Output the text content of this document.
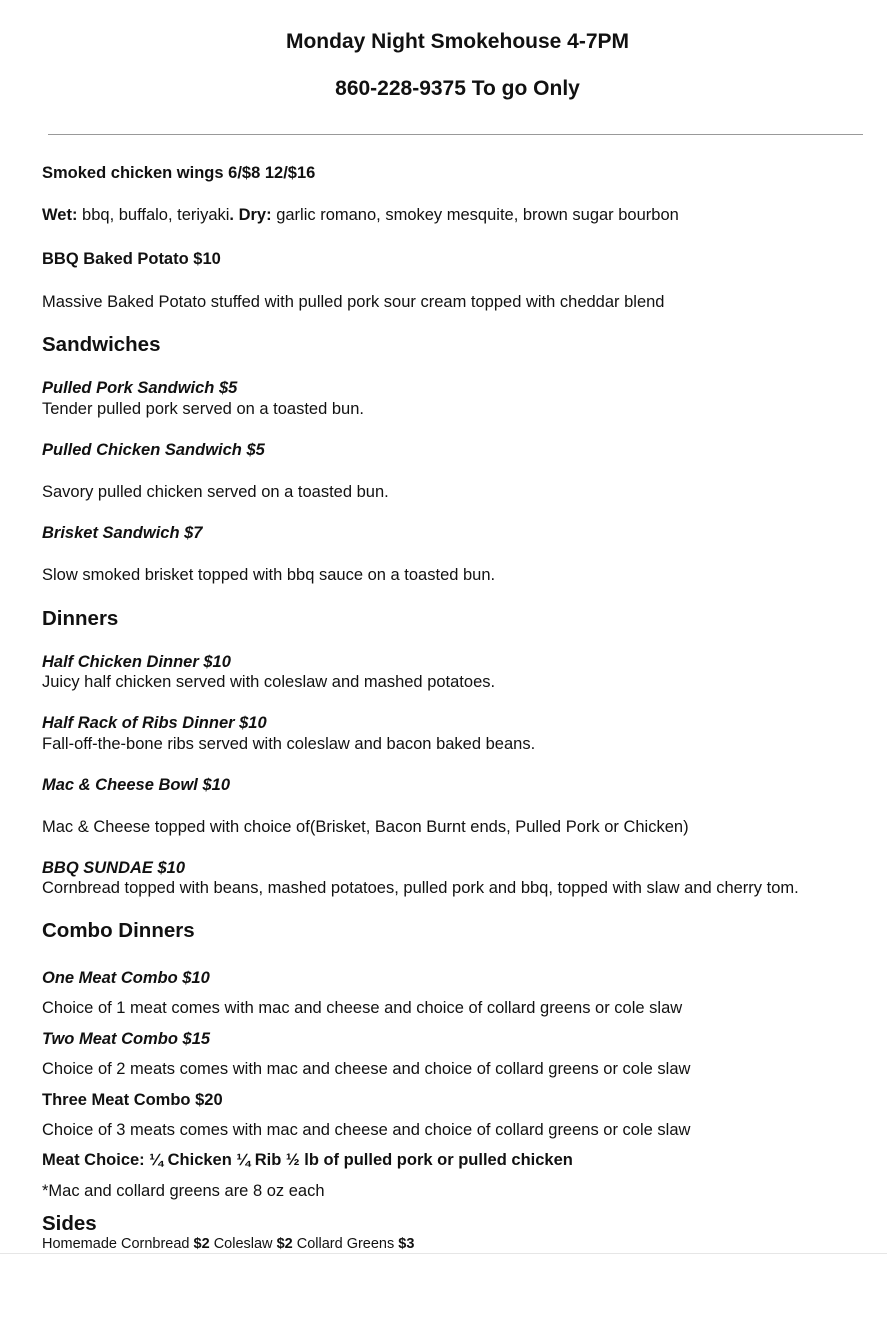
Monday Night Smokehouse 4-7PM
860-228-9375 To go Only
Smoked chicken wings 6/$8 12/$16
Wet: bbq, buffalo, teriyaki. Dry: garlic romano, smokey mesquite, brown sugar bourbon
BBQ Baked Potato $10
Massive Baked Potato stuffed with pulled pork sour cream topped with cheddar blend
Sandwiches
Pulled Pork Sandwich $5
Tender pulled pork served on a toasted bun.
Pulled Chicken Sandwich $5
Savory pulled chicken served on a toasted bun.
Brisket Sandwich $7
Slow smoked brisket topped with bbq sauce on a toasted bun.
Dinners
Half Chicken Dinner $10
Juicy half chicken served with coleslaw and mashed potatoes.
Half Rack of Ribs Dinner $10
Fall-off-the-bone ribs served with coleslaw and bacon baked beans.
Mac & Cheese Bowl $10
Mac & Cheese topped with choice of(Brisket, Bacon Burnt ends, Pulled Pork or Chicken)
BBQ SUNDAE $10
Cornbread topped with beans, mashed potatoes, pulled pork and bbq, topped with slaw and cherry tom.
Combo Dinners
One Meat Combo $10
Choice of 1 meat comes with mac and cheese and choice of collard greens or cole slaw
Two Meat Combo $15
Choice of 2 meats comes with mac and cheese and choice of collard greens or cole slaw
Three Meat Combo $20
Choice of 3 meats comes with mac and cheese and choice of collard greens or cole slaw
Meat Choice: ¼ Chicken ¼ Rib ½ lb of pulled pork or pulled chicken
*Mac and collard greens are 8 oz each
Sides
Homemade Cornbread $2 Coleslaw $2 Collard Greens $3
